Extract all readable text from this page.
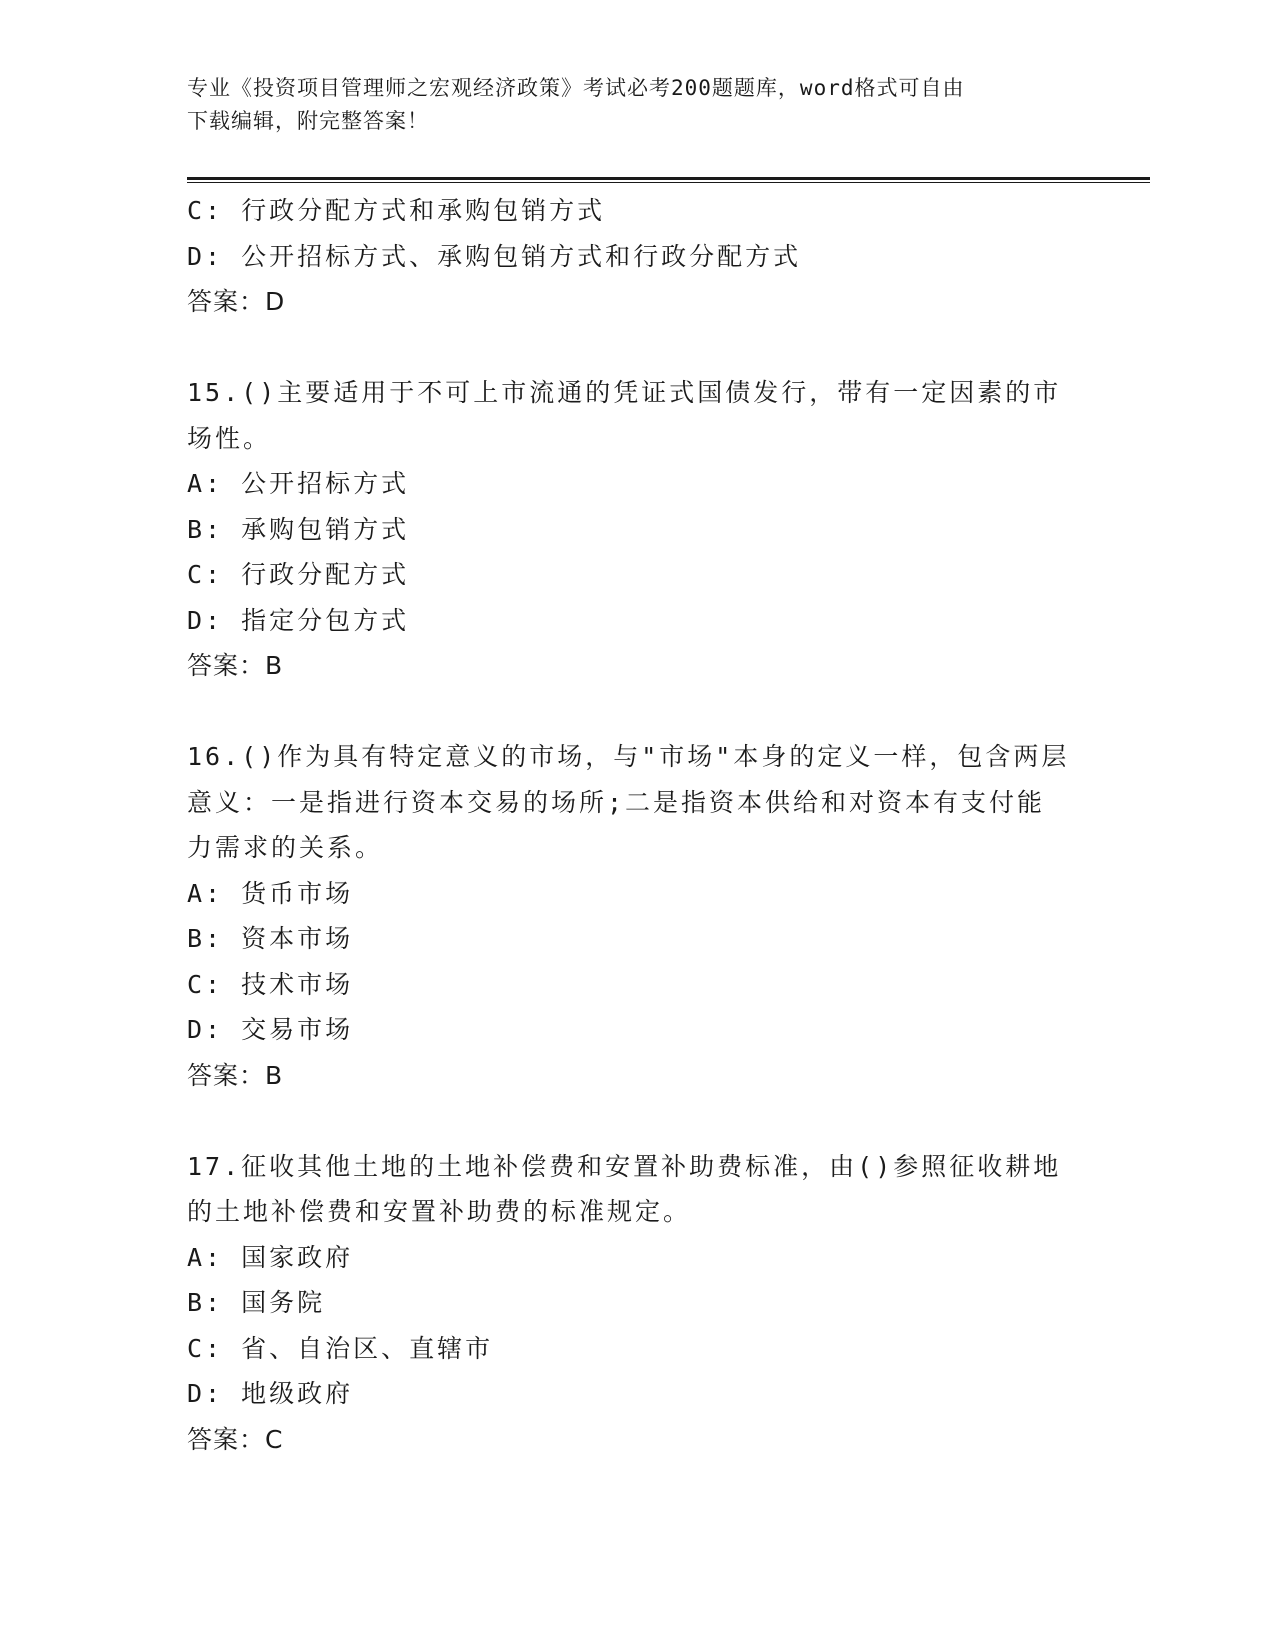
专业《投资项目管理师之宏观经济政策》考试必考200题题库，word格式可自由
下载编辑，附完整答案！
C: 行政分配方式和承购包销方式
D: 公开招标方式、承购包销方式和行政分配方式
答案：D
15.()主要适用于不可上市流通的凭证式国债发行，带有一定因素的市
场性。
A: 公开招标方式
B: 承购包销方式
C: 行政分配方式
D: 指定分包方式
答案：B
16.()作为具有特定意义的市场，与"市场"本身的定义一样，包含两层
意义：一是指进行资本交易的场所;二是指资本供给和对资本有支付能
力需求的关系。
A: 货币市场
B: 资本市场
C: 技术市场
D: 交易市场
答案：B
17.征收其他土地的土地补偿费和安置补助费标准，由()参照征收耕地
的土地补偿费和安置补助费的标准规定。
A: 国家政府
B: 国务院
C: 省、自治区、直辖市
D: 地级政府
答案：C
